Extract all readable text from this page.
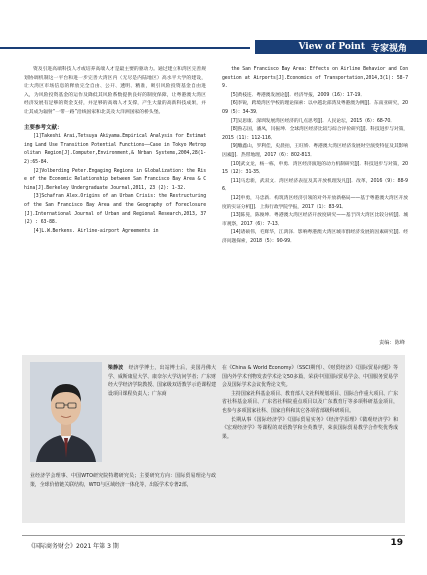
View of Point 专家视角

资及引进高端科技人才或培养高端人才是最主要的驱动力。通过建立和湾区完善规划协调机制这一平台和进一步完善大湾区内（无尽是内陆地区）高水平大学的建设，让大湾区市场信息的释放完全自由、公开、透明、精准，吸引风险投资基金自由进入，为风险投资基金的运作及降低其风险系数提供良好的制度保障，让粤港澳大湾区经济发展有足够的资金支持，并足够的高端人才支撑，产生大量的高新科技成果，并让其成为辐射“一带一路”沿线国家和北美及大洋洲国家的桥头堡。

主要参考文献：

[1]Takeshi Arai,Tetsuya Akiyama.Empirical Analysis for Estimating Land Use Transition Potential Functions——Case in Tokyo Metropolitan Region[J].Computer,Environment,& Nrban Systems,2004,28(1-2):65-84.

[2]Volberding Peter.Engaging Regions in Globalization: the Rise of the Economic Relationship between San Francisco Bay Area & China[J].Berkeley Undergraduate Journal,2011, 23 (2): 1-32.

[3]Schafran Alex.Origins of an Urban Crisis: the Restructuring of the San Francisco Bay Area and the Geography of Foreclosure[J].International Journal of Urban and Regional Research,2013, 37(2) : 63-88.

[4]L.W.Berkens. Airline-airport Agreements in

the San Francisco Bay Area: Effects on Airline Behavior and Congestion at Airports[J].Economics of Transportation,2014,3(1): 58-79.

[5]黄枝连．粤港澳发展论[J]．经济导报，2009（16）：17-19．

[6]李锐，跨境湾区学校的理论探索：以中越北部湾及粤港澳为例[J]．东南亚研究，2009（5）：34-39．

[7]吴思康．深圳发展湾区经济的几点思考[J]．人民论坛，2015（6）：68-70．

[8]鲁志国，潘凤，闫振坤．全球湾区经济比较与综合评价研究[J]．科技进步与对策，2015（11）：112-116．

[9]雕鑫山，罗利佳，史晨拍，王旺娇．粤港澳大湾区经济发展时空演变特征及其影响因素[J]．热带地理，2017（6）：802-813．

[10]武文龙，杨一栋，申勇．湾区经济演进的动力机制研究[J]．科技进步与对策，2015（12）：31-35．

[11]马忠新，武双文．湾区经济表征及其开放机理发凡[J]．改革，2016（9）：88-96．

[12]申勇，马忠新．构筑湾区经济引领的对外开放新格局——基于粤港澳大湾区开放度的实证分析[J]．上海行政学院学报，2017（1）：83-91．

[13]陈晃，陈俊坤．粤港澳大湾区经济开放度研究——基于四大湾区比较分析[J]．城市观察，2017（6）：7-13．

[14]诸硕伟，毛辉华，江鸿泽．影响粤港澳大湾区城市群经济发展的因素研究[J]．经济问题探索，2018（5）：90-99．

责编：陈峰

梁静波  经济学博士，出站博士后，美国丹佛大学、威斯康星大学、康奈尔大学访问学者；广东财经大学经济学院教授、国家级双语教学示范课程建设项目课程负责人；广东商

业经济学会理事、中国WTO研究院特聘研究员；主要研究方向：国际贸易理论与政策，全球价值链关联结构，WTO与区域经济一体化等，出版学术专著2部，

在《China & World Economy》（SSCI期刊）、《财贸经济》《国际贸易问题》等国内外学术刊物发表学术论文50多篇，荣获中国国际贸易学会、中国服务贸易学会及国际学术会议优秀论文奖。

主持国家社科基金项目、教育部人文社科规划项目、国际合作重大项目、广东省社科基金项目、广东省社科院重点项目以及广东教育厅等多项科研基金项目，也参与多项国家社科、国家自科和其它各项省部级科研项目。

长期从事《国际经济学》《国际贸易实务》《经济学原理》《微观经济学》和《宏观经济学》等课程的双语教学和全英教学，荣获国际贸易教学合作奖优秀成果。

《国际商务财会》2021 年第 3 期	19
